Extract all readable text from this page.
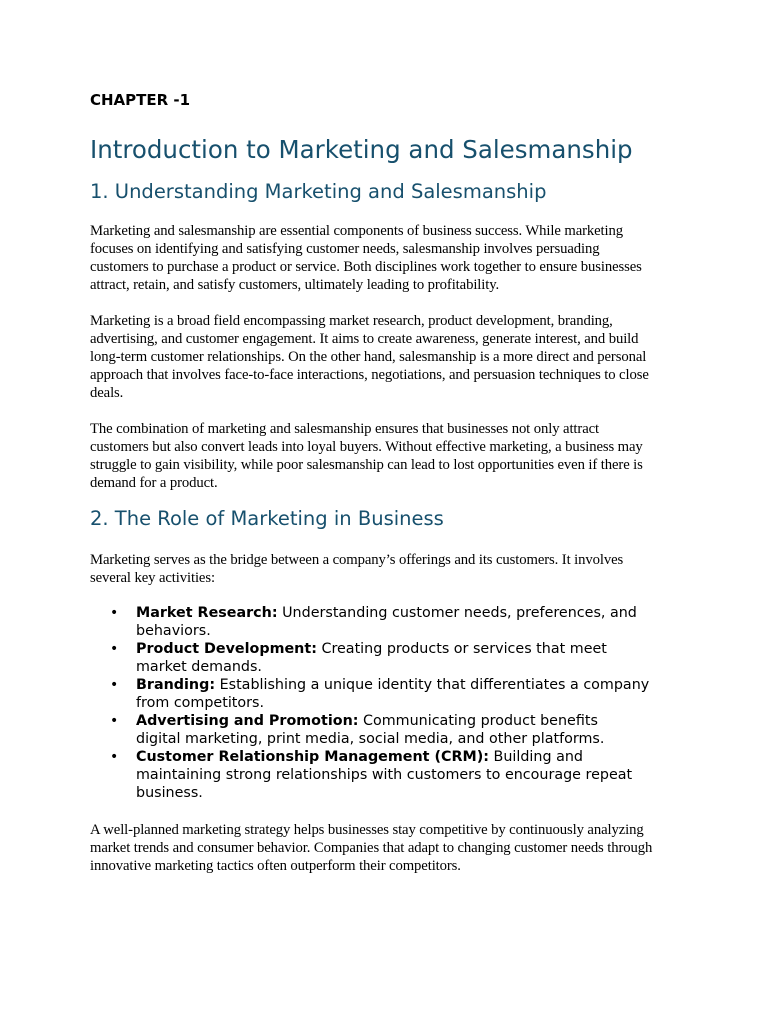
CHAPTER -1

Introduction to Marketing and Salesmanship
1. Understanding Marketing and Salesmanship

Marketing and salesmanship are essential components of business success. While marketing
focuses on identifying and satisfying customer needs, salesmanship involves persuading
customers to purchase a product or service. Both disciplines work together to ensure businesses
attract, retain, and satisfy customers, ultimately leading to profitability.

Marketing is a broad field encompassing market research, product development, branding,
advertising, and customer engagement. It aims to create awareness, generate interest, and build
long-term customer relationships. On the other hand, salesmanship is a more direct and personal
approach that involves face-to-face interactions, negotiations, and persuasion techniques to close
deals.

The combination of marketing and salesmanship ensures that businesses not only attract
customers but also convert leads into loyal buyers. Without effective marketing, a business may
struggle to gain visibility, while poor salesmanship can lead to lost opportunities even if there is
demand for a product.

2. The Role of Marketing in Business

Marketing serves as the bridge between a company’s offerings and its customers. It involves
several key activities:

• Market Research: Understanding customer needs, preferences, and
behaviors.
• Product Development: Creating products or services that meet
market demands.
• Branding: Establishing a unique identity that differentiates a company
from competitors.
• Advertising and Promotion: Communicating product benefits
digital marketing, print media, social media, and other platforms.
• Customer Relationship Management (CRM): Building and
maintaining strong relationships with customers to encourage repeat
business.

A well-planned marketing strategy helps businesses stay competitive by continuously analyzing
market trends and consumer behavior. Companies that adapt to changing customer needs through
innovative marketing tactics often outperform their competitors.
